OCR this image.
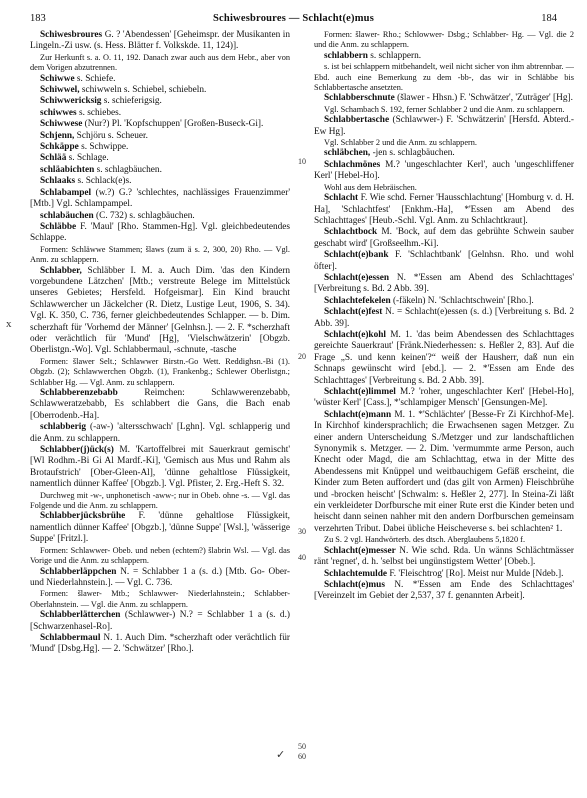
183	Schiwesbroures — Schlacht(e)mus	184
x
✓

Schiwesbroures G. ? 'Abendessen' [Geheimspr. der Musikanten in Lingeln.-Zi usw. (s. Hess. Blätter f. Volkskde. 11, 124)].

Zur Herkunft s. a. O. 11, 192. Danach zwar auch aus dem Hebr., aber von dem Vorigen abzutrennen.

Schiwwe s. Schiefe.

Schiwwel, schiwweln s. Schiebel, schiebeln.

Schiwwericksig s. schieferigsig.

schiwwes s. schiebes.

Schiwwese (Nur?) Pl. 'Kopfschuppen' [Großen-Buseck-Gi].

Schjenn, Schjöru s. Scheuer.

Schkäppe s. Schwippe.

Schlää s. Schlage.

schläabichten s. schlagbäuchen.

Schlaaks s. Schlack(e)s.

Schlabampel (w.?) G.? 'schlechtes, nachlässiges Frauenzimmer' [Mtb.] Vgl. Schlampampel.

schlabäuchen (C. 732) s. schlagbäuchen.

Schläbbe F. 'Maul' [Rho. Stammen-Hg]. Vgl. gleichbedeutendes Schlappe.

Formen: Schläwwe Stammen; šlaws (zum ä s. 2, 300, 20) Rho. — Vgl. Anm. zu schlappern.

Schlabber, Schläbber I. M. a. Auch Dim. 'das den Kindern vorgebundene Lätzchen' [Mtb.; verstreute Belege im Mittelstück unseres Gebietes; Hersfeld. Hofgeismar]. Ein Kind braucht Schlawwercher un Jäckelcher (R. Dietz, Lustige Leut, 1906, S. 34). Vgl. K. 350, C. 736, ferner gleichbedeutendes Schlapper. — b. Dim. scherzhaft für 'Vorhemd der Männer' [Gelnhsn.]. — 2. F. *scherzhaft oder verächtlich für 'Mund' [Hg], 'Vielschwätzerin' [Obgzb. Oberlistgn.-Wo]. Vgl. Schlabbermaul, -schnute, -tasche

Formen: šlawer Selt.; Schlawwer Birstn.-Go Wett. Reddighsn.-Bi (1). Obgzb. (2); Schlawwerchen Obgzb. (1), Frankenbg.; Schlewer Oberlistgn.; Schlabber Hg. — Vgl. Anm. zu schlappern.

Schlabberenzebabb Reimchen: Schlawwerenzebabb, Schlawweratzebabb, Es schlabbert die Gans, die Bach enab [Oberrodenb.-Ha].

schlabberig (-aw-) 'altersschwach' [Lghn]. Vgl. schlapperig und die Anm. zu schlappern.

Schlabber(j)ück(s) M. 'Kartoffelbrei mit Sauerkraut gemischt' [Wl Rodhm.-Bi Gi Al Mardf.-Ki], 'Gemisch aus Mus und Rahm als Brotaufstrich' [Ober-Gleen-Al], 'dünne gehaltlose Flüssigkeit, namentlich dünner Kaffee' [Obgzb.]. Vgl. Pfister, 2. Erg.-Heft S. 32.

Durchweg mit -w-, unphonetisch -aww-; nur in Obeb. ohne -s. — Vgl. das Folgende und die Anm. zu schlappern.

Schlabberjücksbrühe F. 'dünne gehaltlose Flüssigkeit, namentlich dünner Kaffee' [Obgzb.], 'dünne Suppe' [Wsl.], 'wässerige Suppe' [Fritzl.].

Formen: Schlawwer- Obeb. und neben (echtem?) šlabrin Wsl. — Vgl. das Vorige und die Anm. zu schlappern.

Schlabberläppchen N. = Schlabber 1 a (s. d.) [Mtb. Go- Ober- und Niederlahnstein.]. — Vgl. C. 736.

Formen: šlawer- Mtb.; Schlawwer- Niederlahnstein.; Schlabber- Oberlahnstein. — Vgl. die Anm. zu schlappern.

Schlabberlätterchen (Schlawwer-) N.? = Schlabber 1 a (s. d.) [Schwarzenhasel-Ro].

Schlabbermaul N. 1. Auch Dim. *scherzhaft oder verächtlich für 'Mund' [Dsbg.Hg]. — 2. 'Schwätzer' [Rho.].

10
20
30
40
50
60

Formen: šlawer- Rho.; Schlowwer- Dsbg.; Schlabber- Hg. — Vgl. die 2 und die Anm. zu schlappern.

schlabbern s. schlappern.

s. ist bei schlappern mitbehandelt, weil nicht sicher von ihm abtrennbar. — Ebd. auch eine Bemerkung zu dem -bb-, das wir in Schläbbe bis Schlabbertasche ansetzten.

Schlabberschnute (šlawer - Hhsn.) F. 'Schwätzer', 'Zuträger' [Hg].

Vgl. Schambach S. 192, ferner Schlabber 2 und die Anm. zu schlappern.

Schlabbertasche (Schlawwer-) F. 'Schwätzerin' [Hersfd. Abterd.-Ew Hg].

Vgl. Schlabber 2 und die Anm. zu schlappern.

schläbchen, -jen s. schlagbäuchen.

Schlachmönes M.? 'ungeschlachter Kerl', auch 'ungeschliffener Kerl' [Hebel-Ho].

Wohl aus dem Hebräischen.

Schlacht F. Wie schd. Ferner 'Hausschlachtung' [Homburg v. d. H. Ha], 'Schlachtfest' [Enkhm.-Ha], *'Essen am Abend des Schlachttages' [Heub.-Schl. Vgl. Anm. zu Schlachtkraut].

Schlachtbock M. 'Bock, auf dem das gebrühte Schwein sauber geschabt wird' [Großseelhm.-Ki].

Schlacht(e)bank F. 'Schlachtbank' [Gelnhsn. Rho. und wohl öfter].

Schlacht(e)essen N. *'Essen am Abend des Schlachttages' [Verbreitung s. Bd. 2 Abb. 39].

Schlachtefekelen (-fäkeln) N. 'Schlachtschwein' [Rho.].

Schlacht(e)fest N. = Schlacht(e)essen (s. d.) [Verbreitung s. Bd. 2 Abb. 39].

Schlacht(e)kohl M. 1. 'das beim Abendessen des Schlachttages gereichte Sauerkraut' [Fränk.Niederhessen: s. Heßler 2, 83]. Auf die Frage „S. und kenn keinen'?“ weiß der Hausherr, daß nun ein Schnaps gewünscht wird [ebd.]. — 2. *'Essen am Ende des Schlachttages' [Verbreitung s. Bd. 2 Abb. 39].

Schlacht(e)limmel M.? 'roher, ungeschlachter Kerl' [Hebel-Ho], 'wüster Kerl' [Cass.], *'schlampiger Mensch' [Gensungen-Me].

Schlacht(e)mann M. 1. *'Schlächter' [Besse-Fr Zi Kirchhof-Me]. In Kirchhof kindersprachlich; die Erwachsenen sagen Metzger. Zu einer andern Unterscheidung S./Metzger und zur landschaftlichen Synonymik s. Metzger. — 2. Dim. 'vermummte arme Person, auch Knecht oder Magd, die am Schlachttag, etwa in der Mitte des Abendessens mit Knüppel und weitbauchigem Gefäß erscheint, die Kinder zum Beten auffordert und (das gilt von Armen) Fleischbrühe und -brocken heischt' [Schwalm: s. Heßler 2, 277]. In Steina-Zi läßt ein verkleideter Dorfbursche mit einer Rute erst die Kinder beten und heischt dann seinen nahher mit den andern Dorfburschen gemeinsam verzehrten Tribut. Dabei übliche Heischeverse s. bei schlachten² 1.

Zu S. 2 vgl. Handwörterb. des dtsch. Aberglaubens 5,1820 f.

Schlacht(e)messer N. Wie schd. Rda. Un wänns Schlächtmässer ränt 'regnet', d. h. 'selbst bei ungünstigstem Wetter' [Obeb.].

Schlachtemulde F. 'Fleischtrog' [Ro]. Meist nur Mulde [Ndeb.].

Schlacht(e)mus N. *'Essen am Ende des Schlachttages' [Vereinzelt im Gebiet der 2,537, 37 f. genannten Arbeit].
